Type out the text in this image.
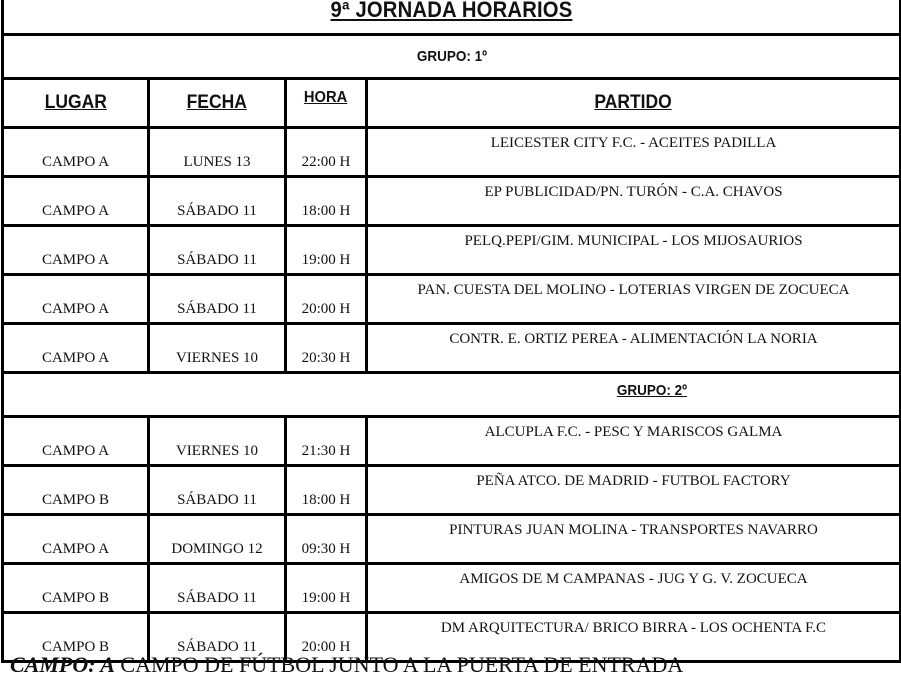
9ª JORNADA HORARIOS			
GRUPO: 1º			
LUGAR	FECHA	HORA	PARTIDO
CAMPO A	LUNES 13	22:00 H	LEICESTER CITY F.C. - ACEITES PADILLA
CAMPO A	SÁBADO 11	18:00 H	EP PUBLICIDAD/PN. TURÓN - C.A. CHAVOS
CAMPO A	SÁBADO 11	19:00 H	PELQ.PEPI/GIM. MUNICIPAL - LOS MIJOSAURIOS
CAMPO A	SÁBADO 11	20:00 H	PAN. CUESTA DEL MOLINO - LOTERIAS VIRGEN DE ZOCUECA
CAMPO A	VIERNES 10	20:30 H	CONTR. E. ORTIZ PEREA - ALIMENTACIÓN LA NORIA
GRUPO: 2º			
CAMPO A	VIERNES 10	21:30 H	ALCUPLA F.C. - PESC Y MARISCOS GALMA
CAMPO B	SÁBADO 11	18:00 H	PEÑA ATCO. DE MADRID - FUTBOL FACTORY
CAMPO A	DOMINGO 12	09:30 H	PINTURAS JUAN MOLINA - TRANSPORTES NAVARRO
CAMPO B	SÁBADO 11	19:00 H	AMIGOS DE M CAMPANAS - JUG Y G. V. ZOCUECA
CAMPO B	SÁBADO 11	20:00 H	DM ARQUITECTURA/ BRICO BIRRA - LOS OCHENTA F.C
CAMPO: A CAMPO DE FÚTBOL JUNTO A LA PUERTA DE ENTRADA
